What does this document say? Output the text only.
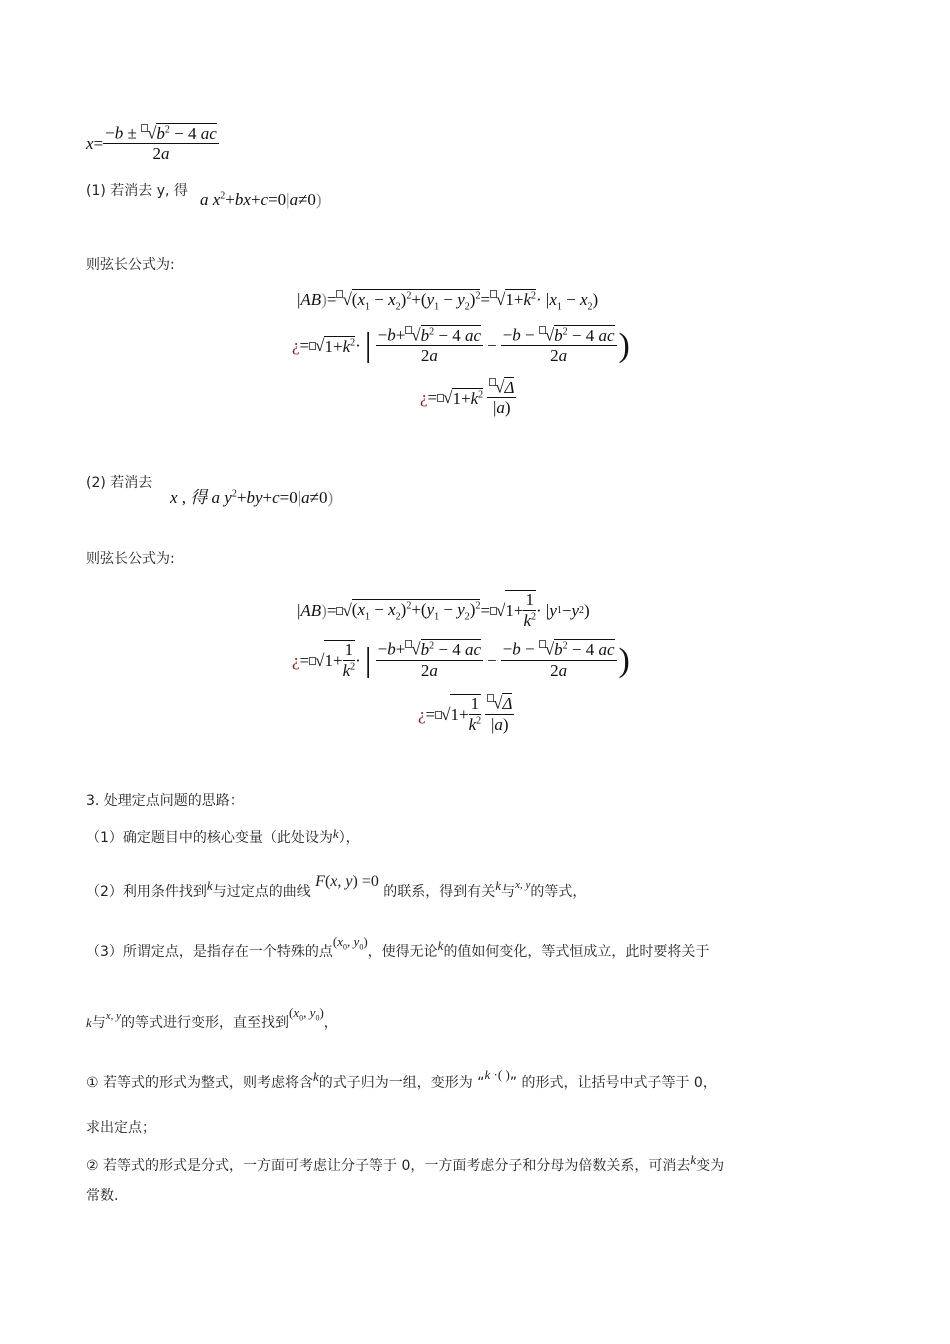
$x = \frac{-b \pm √b^2 - 4 ac}{2a}$
(1) 若消去 y, 得 a $x^2+bx+c=0|a\ne 0$)
则弦长公式为:
$|AB)= √(x_1 - x_2)^2+(y_1 - y_2)^2= √1+k^2\cdot |x_1 - x_2$)
¿ = √ $1+k^2$ · | $\frac{-b+ √b^2 - 4 ac}{2a} - \frac{-b - √b^2 - 4 ac}{2a}$ )
¿ = √ $1+k^2 \frac{√\Delta}{|a)}$
(2) 若消去
x , 得 a $y^2+by+c=0|a\ne 0$)
则弦长公式为:
| AB ) = √ $(x_1 - x_2)^2+(y_1 - y_2)^2$ = √ $1+ \frac{1}{k^2}$ · | y 1 − y 2 )
¿ = √ $1+ \frac{1}{k^2}$ · | $\frac{-b+ √b^2 - 4 ac}{2a} - \frac{-b - √b^2 - 4 ac}{2a}$ )
¿ = √ $1+ \frac{1}{k^2} \frac{√\Delta}{|a)}$
3. 处理定点问题的思路：
（1）确定题目中的核心变量（此处设为k），
（2）利用条件找到k与过定点的曲线 F(x, y) =0 的联系，得到有关k与$^{x, y}$的等式，
（3）所谓定点，是指存在一个特殊的点($x_0$, $y_0$)，使得无论k的值如何变化，等式恒成立，此时要将关于
k与$^{x, y}$的等式进行变形，直至找到($x_0$, $y_0$)，
① 若等式的形式为整式，则考虑将含k的式子归为一组，变形为 “k ·( )” 的形式，让括号中式子等于 0，
求出定点；
② 若等式的形式是分式，一方面可考虑让分子等于 0，一方面考虑分子和分母为倍数关系，可消去k变为
常数.
